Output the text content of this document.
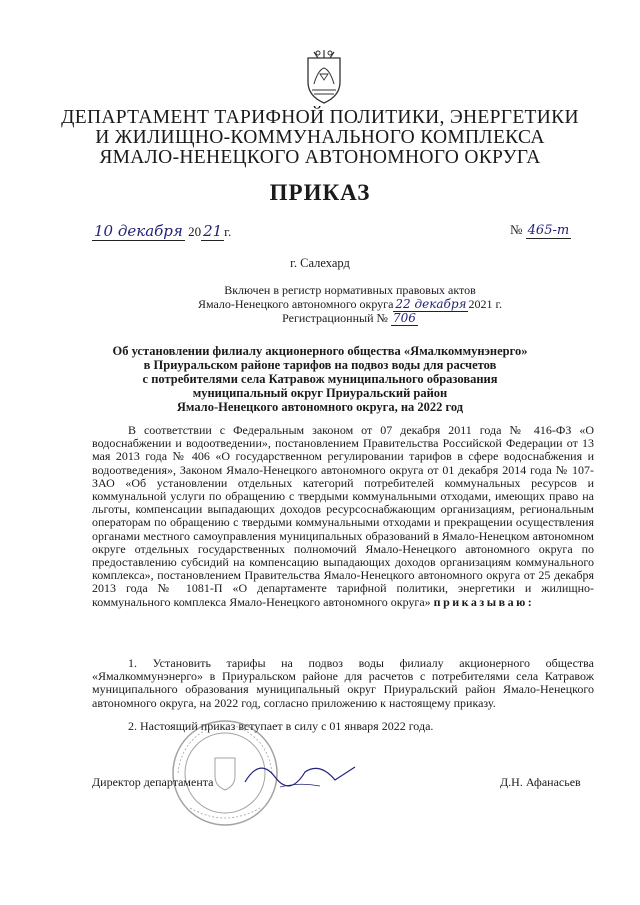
ДЕПАРТАМЕНТ ТАРИФНОЙ ПОЛИТИКИ, ЭНЕРГЕТИКИ
И ЖИЛИЩНО-КОММУНАЛЬНОГО КОМПЛЕКСА
ЯМАЛО-НЕНЕЦКОГО АВТОНОМНОГО ОКРУГА
ПРИКАЗ
10 декабря 20 21 г.	№ 465-т
г. Салехард
Включен в регистр нормативных правовых актов
Ямало-Ненецкого автономного округа 22 декабря 2021 г.
Регистрационный № 706
Об установлении филиалу акционерного общества «Ямалкоммунэнерго»
в Приуральском районе тарифов на подвоз воды для расчетов
с потребителями села Катравож муниципального образования
муниципальный округ Приуральский район
Ямало-Ненецкого автономного округа, на 2022 год
В соответствии с Федеральным законом от 07 декабря 2011 года № 416-ФЗ «О водоснабжении и водоотведении», постановлением Правительства Российской Федерации от 13 мая 2013 года № 406 «О государственном регулировании тарифов в сфере водоснабжения и водоотведения», Законом Ямало-Ненецкого автономного округа от 01 декабря 2014 года № 107-ЗАО «Об установлении отдельных категорий потребителей коммунальных ресурсов и коммунальной услуги по обращению с твердыми коммунальными отходами, имеющих право на льготы, компенсации выпадающих доходов ресурсоснабжающим организациям, региональным операторам по обращению с твердыми коммунальными отходами и прекращении осуществления органами местного самоуправления муниципальных образований в Ямало-Ненецком автономном округе отдельных государственных полномочий Ямало-Ненецкого автономного округа по предоставлению субсидий на компенсацию выпадающих доходов организациям коммунального комплекса», постановлением Правительства Ямало-Ненецкого автономного округа от 25 декабря 2013 года № 1081-П «О департаменте тарифной политики, энергетики и жилищно-коммунального комплекса Ямало-Ненецкого автономного округа» приказываю:
1. Установить тарифы на подвоз воды филиалу акционерного общества «Ямалкоммунэнерго» в Приуральском районе для расчетов с потребителями села Катравож муниципального образования муниципальный округ Приуральский район Ямало-Ненецкого автономного округа, на 2022 год, согласно приложению к настоящему приказу.
2. Настоящий приказ вступает в силу с 01 января 2022 года.
Директор департамента	Д.Н. Афанасьев
